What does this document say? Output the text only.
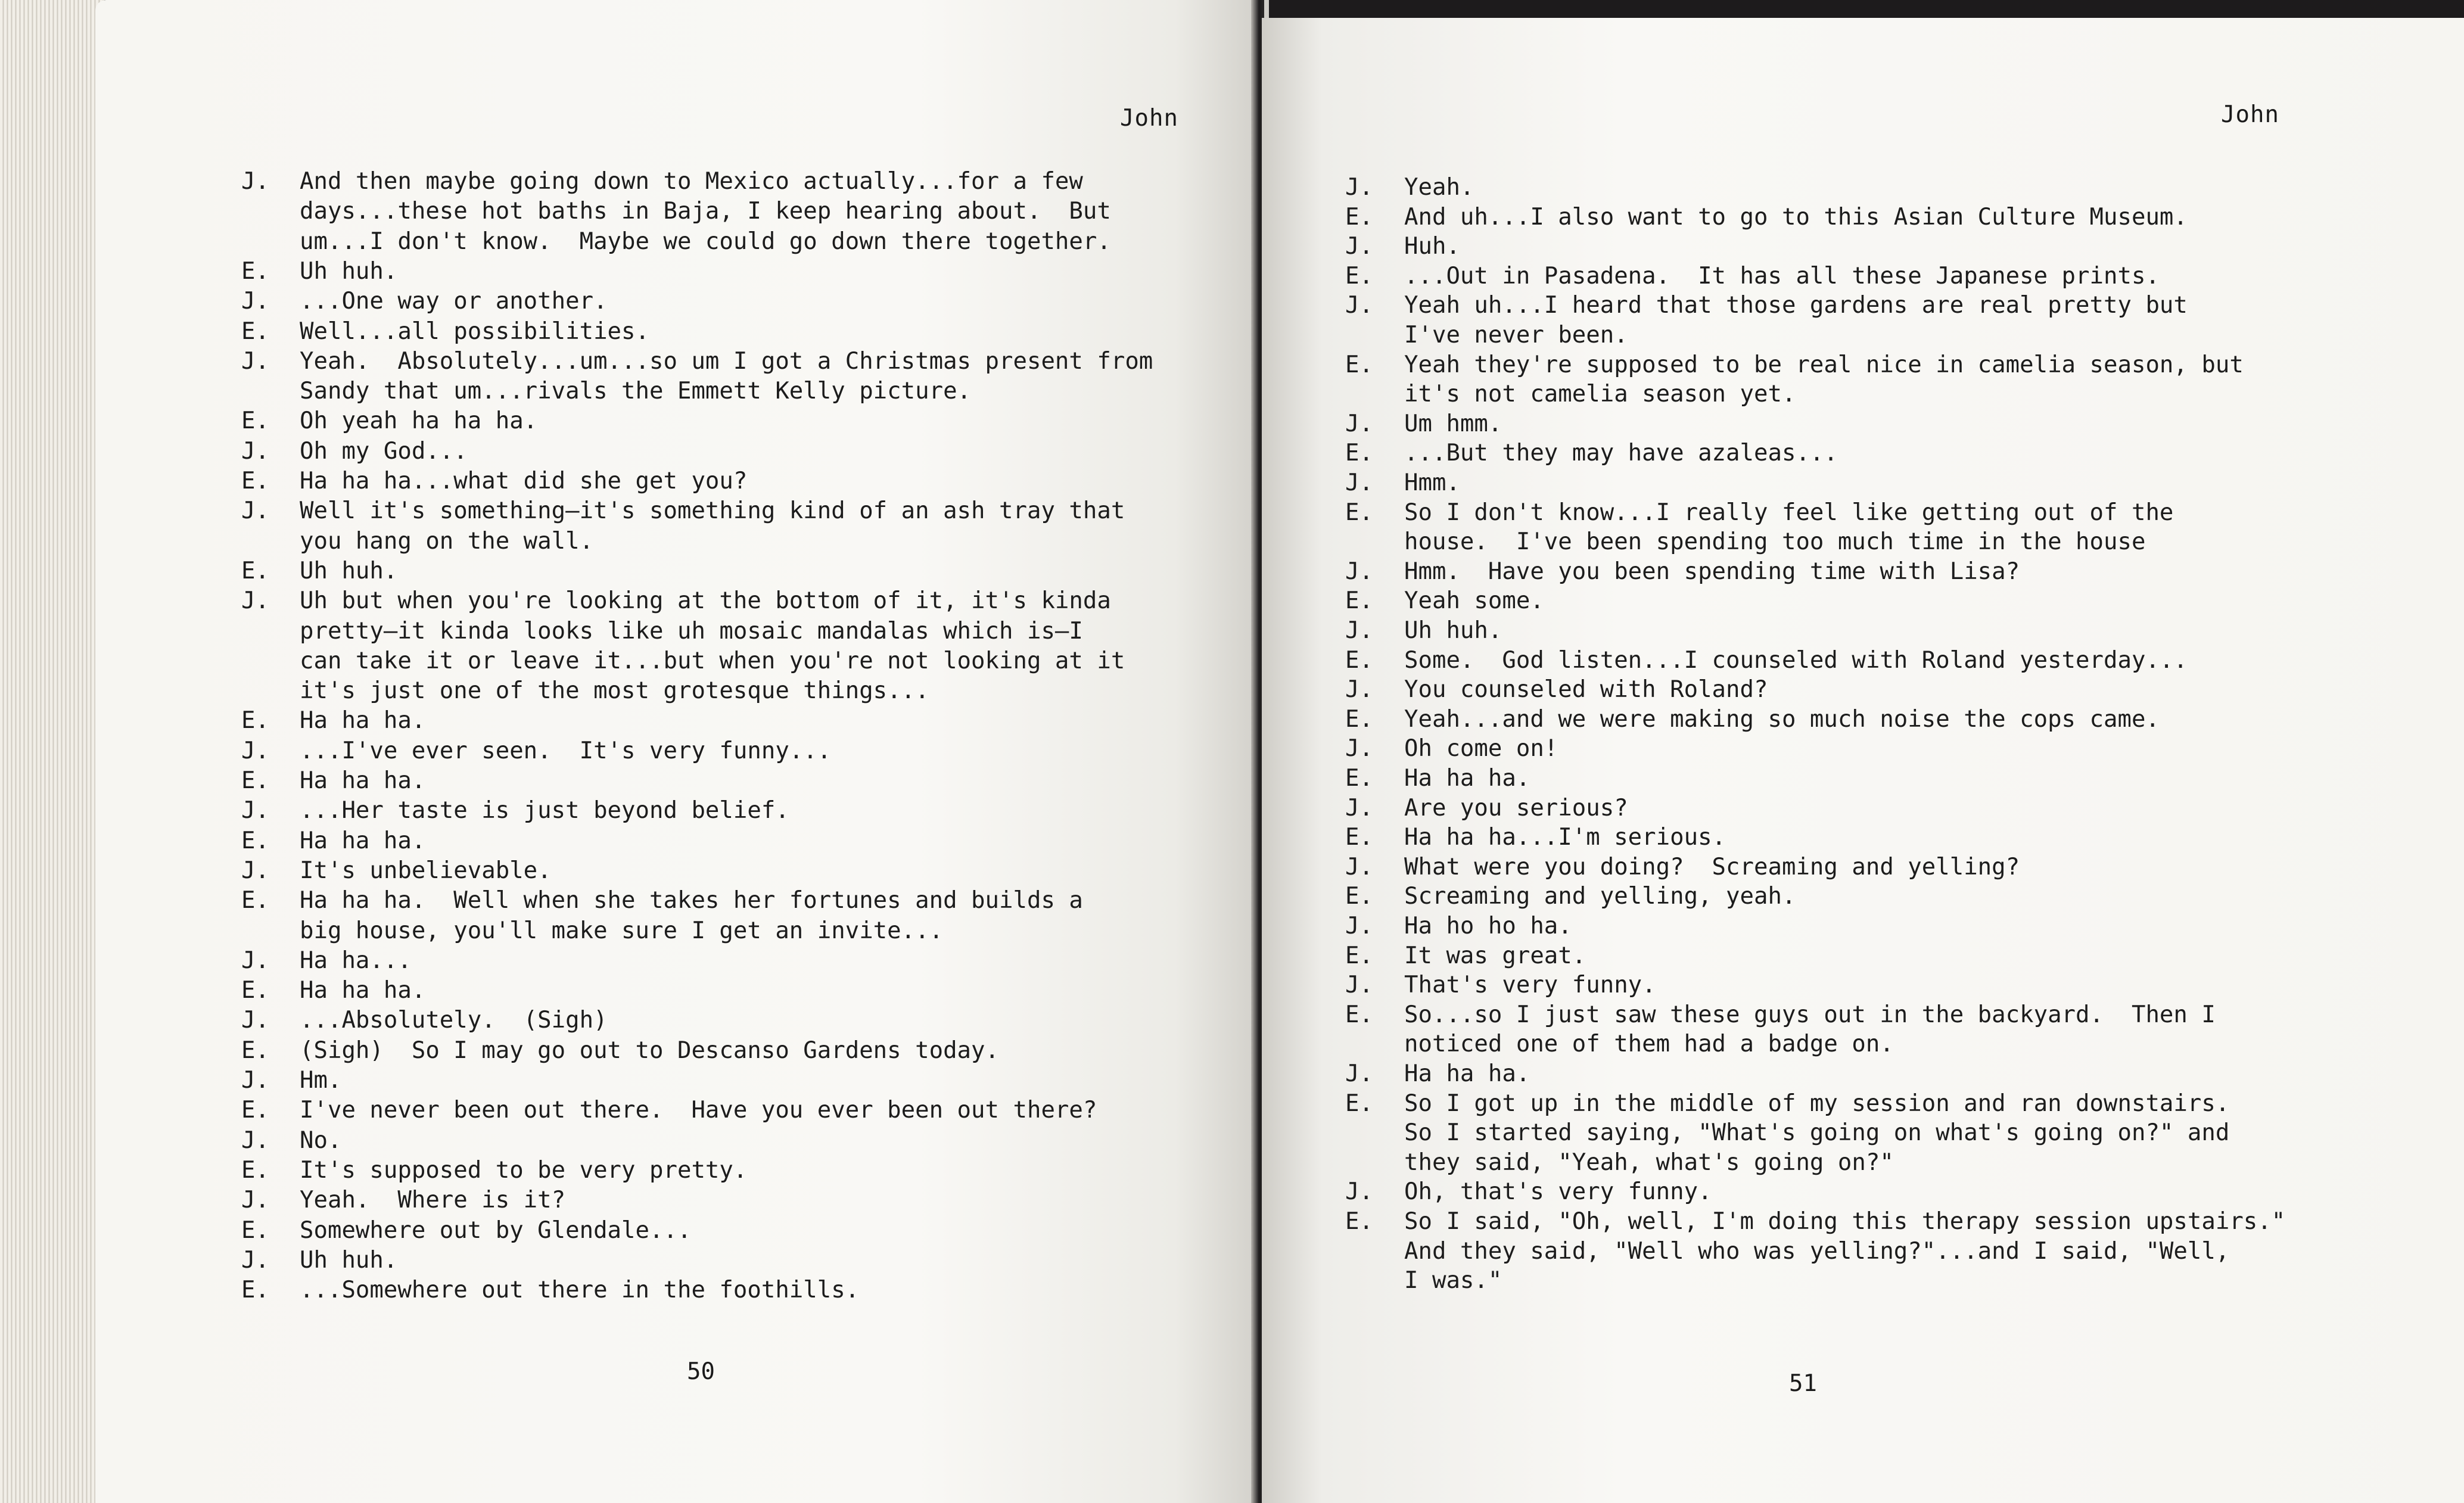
John
J. And then maybe going down to Mexico actually...for a few
days...these hot baths in Baja, I keep hearing about.  But
um...I don't know.  Maybe we could go down there together.
E. Uh huh.
J. ...One way or another.
E. Well...all possibilities.
J. Yeah.  Absolutely...um...so um I got a Christmas present from
Sandy that um...rivals the Emmett Kelly picture.
E. Oh yeah ha ha ha.
J. Oh my God...
E. Ha ha ha...what did she get you?
J. Well it's something—it's something kind of an ash tray that
you hang on the wall.
E. Uh huh.
J. Uh but when you're looking at the bottom of it, it's kinda
pretty—it kinda looks like uh mosaic mandalas which is—I
can take it or leave it...but when you're not looking at it
it's just one of the most grotesque things...
E. Ha ha ha.
J. ...I've ever seen.  It's very funny...
E. Ha ha ha.
J. ...Her taste is just beyond belief.
E. Ha ha ha.
J. It's unbelievable.
E. Ha ha ha.  Well when she takes her fortunes and builds a
big house, you'll make sure I get an invite...
J. Ha ha...
E. Ha ha ha.
J. ...Absolutely.  (Sigh)
E. (Sigh)  So I may go out to Descanso Gardens today.
J. Hm.
E. I've never been out there.  Have you ever been out there?
J. No.
E. It's supposed to be very pretty.
J. Yeah.  Where is it?
E. Somewhere out by Glendale...
J. Uh huh.
E. ...Somewhere out there in the foothills.
50
John
J. Yeah.
E. And uh...I also want to go to this Asian Culture Museum.
J. Huh.
E. ...Out in Pasadena.  It has all these Japanese prints.
J. Yeah uh...I heard that those gardens are real pretty but
I've never been.
E. Yeah they're supposed to be real nice in camelia season, but
it's not camelia season yet.
J. Um hmm.
E. ...But they may have azaleas...
J. Hmm.
E. So I don't know...I really feel like getting out of the
house.  I've been spending too much time in the house
J. Hmm.  Have you been spending time with Lisa?
E. Yeah some.
J. Uh huh.
E. Some.  God listen...I counseled with Roland yesterday...
J. You counseled with Roland?
E. Yeah...and we were making so much noise the cops came.
J. Oh come on!
E. Ha ha ha.
J. Are you serious?
E. Ha ha ha...I'm serious.
J. What were you doing?  Screaming and yelling?
E. Screaming and yelling, yeah.
J. Ha ho ho ha.
E. It was great.
J. That's very funny.
E. So...so I just saw these guys out in the backyard.  Then I
noticed one of them had a badge on.
J. Ha ha ha.
E. So I got up in the middle of my session and ran downstairs.
So I started saying, "What's going on what's going on?" and
they said, "Yeah, what's going on?"
J. Oh, that's very funny.
E. So I said, "Oh, well, I'm doing this therapy session upstairs."
And they said, "Well who was yelling?"...and I said, "Well,
I was."
51
